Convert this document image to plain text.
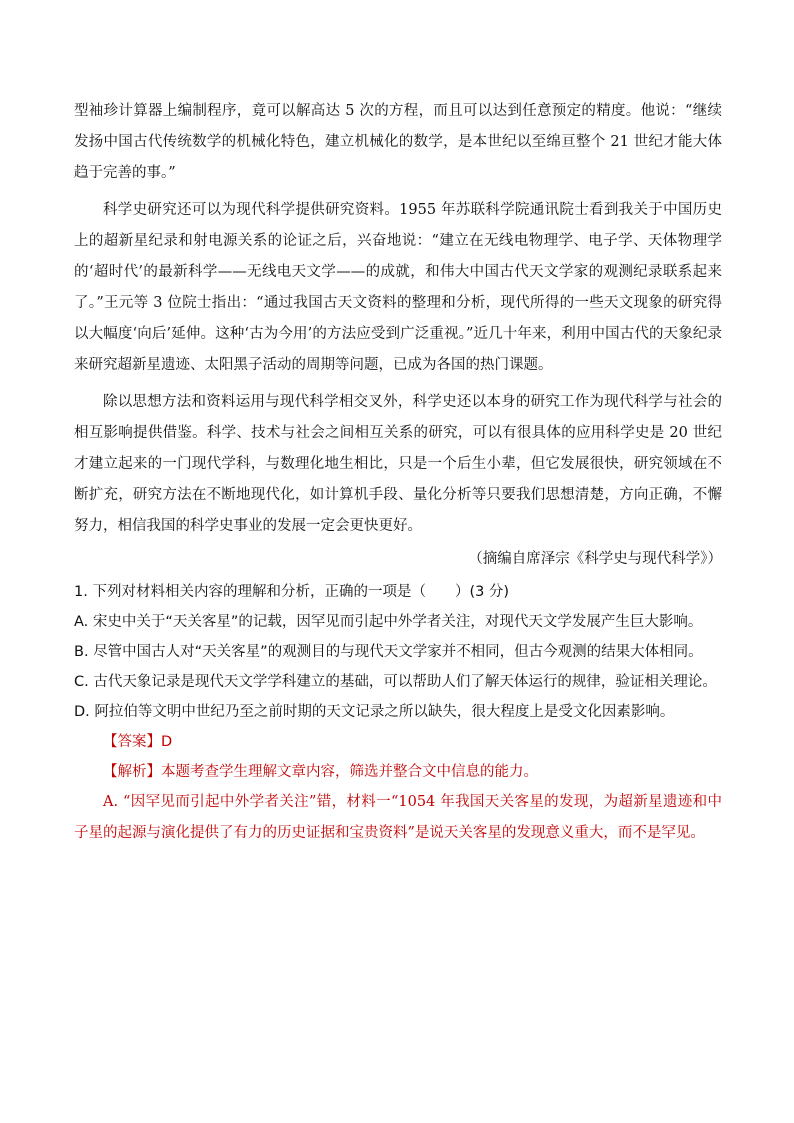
型袖珍计算器上编制程序，竟可以解高达 5 次的方程，而且可以达到任意预定的精度。他说：“继续发扬中国古代传统数学的机械化特色，建立机械化的数学，是本世纪以至绵亘整个 21 世纪才能大体趋于完善的事。”

科学史研究还可以为现代科学提供研究资料。1955 年苏联科学院通讯院士看到我关于中国历史上的超新星纪录和射电源关系的论证之后，兴奋地说：“建立在无线电物理学、电子学、天体物理学的‘超时代’的最新科学——无线电天文学——的成就，和伟大中国古代天文学家的观测纪录联系起来了。”王元等 3 位院士指出：“通过我国古天文资料的整理和分析，现代所得的一些天文现象的研究得以大幅度‘向后’延伸。这种‘古为今用’的方法应受到广泛重视。”近几十年来，利用中国古代的天象纪录来研究超新星遗迹、太阳黑子活动的周期等问题，已成为各国的热门课题。

除以思想方法和资料运用与现代科学相交叉外，科学史还以本身的研究工作为现代科学与社会的相互影响提供借鉴。科学、技术与社会之间相互关系的研究，可以有很具体的应用科学史是 20 世纪才建立起来的一门现代学科，与数理化地生相比，只是一个后生小辈，但它发展很快，研究领域在不断扩充，研究方法在不断地现代化，如计算机手段、量化分析等只要我们思想清楚，方向正确，不懈努力，相信我国的科学史事业的发展一定会更快更好。

（摘编自席泽宗《科学史与现代科学》）

1. 下列对材料相关内容的理解和分析，正确的一项是（　　）(3 分)

A. 宋史中关于“天关客星”的记载，因罕见而引起中外学者关注，对现代天文学发展产生巨大影响。

B. 尽管中国古人对“天关客星”的观测目的与现代天文学家并不相同，但古今观测的结果大体相同。

C. 古代天象记录是现代天文学学科建立的基础，可以帮助人们了解天体运行的规律，验证相关理论。

D. 阿拉伯等文明中世纪乃至之前时期的天文记录之所以缺失，很大程度上是受文化因素影响。

【答案】D

【解析】本题考查学生理解文章内容，筛选并整合文中信息的能力。

A. “因罕见而引起中外学者关注”错，材料一“1054 年我国天关客星的发现，为超新星遗迹和中子星的起源与演化提供了有力的历史证据和宝贵资料”是说天关客星的发现意义重大，而不是罕见。
